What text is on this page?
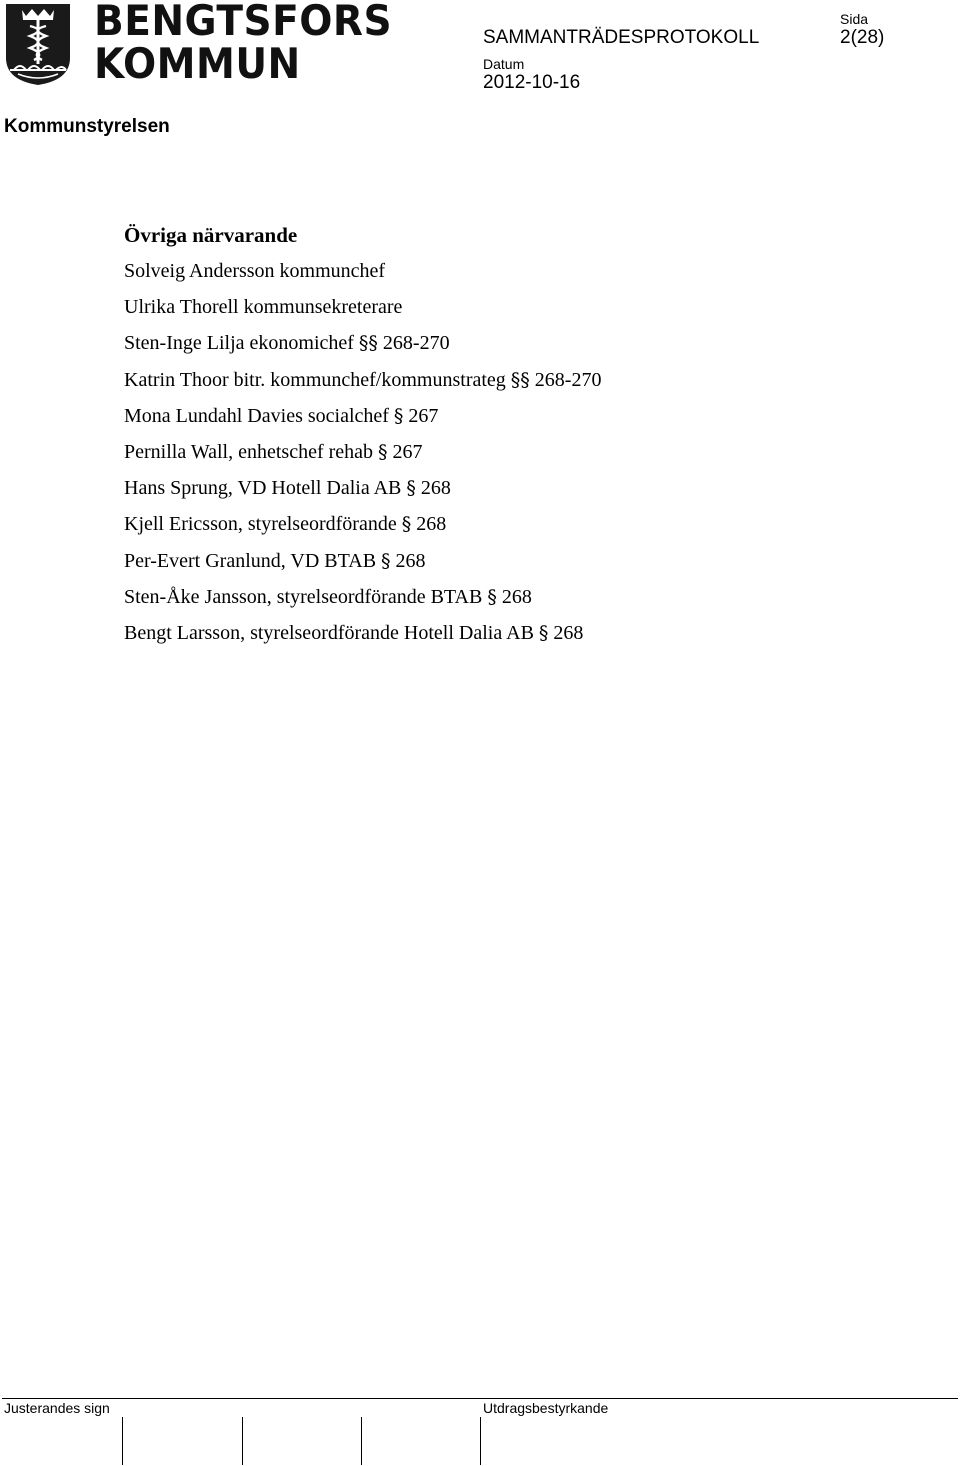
BENGTSFORS
KOMMUN
SAMMANTRÄDESPROTOKOLL
Sida
2(28)
Datum
2012-10-16
Kommunstyrelsen
Övriga närvarande
Solveig Andersson kommunchef
Ulrika Thorell kommunsekreterare
Sten-Inge Lilja ekonomichef §§ 268-270
Katrin Thoor bitr. kommunchef/kommunstrateg §§ 268-270
Mona Lundahl Davies socialchef § 267
Pernilla Wall, enhetschef rehab § 267
Hans Sprung, VD Hotell Dalia AB § 268
Kjell Ericsson, styrelseordförande § 268
Per-Evert Granlund, VD BTAB § 268
Sten-Åke Jansson, styrelseordförande BTAB § 268
Bengt Larsson, styrelseordförande Hotell Dalia AB § 268
Justerandes sign	Utdragsbestyrkande
